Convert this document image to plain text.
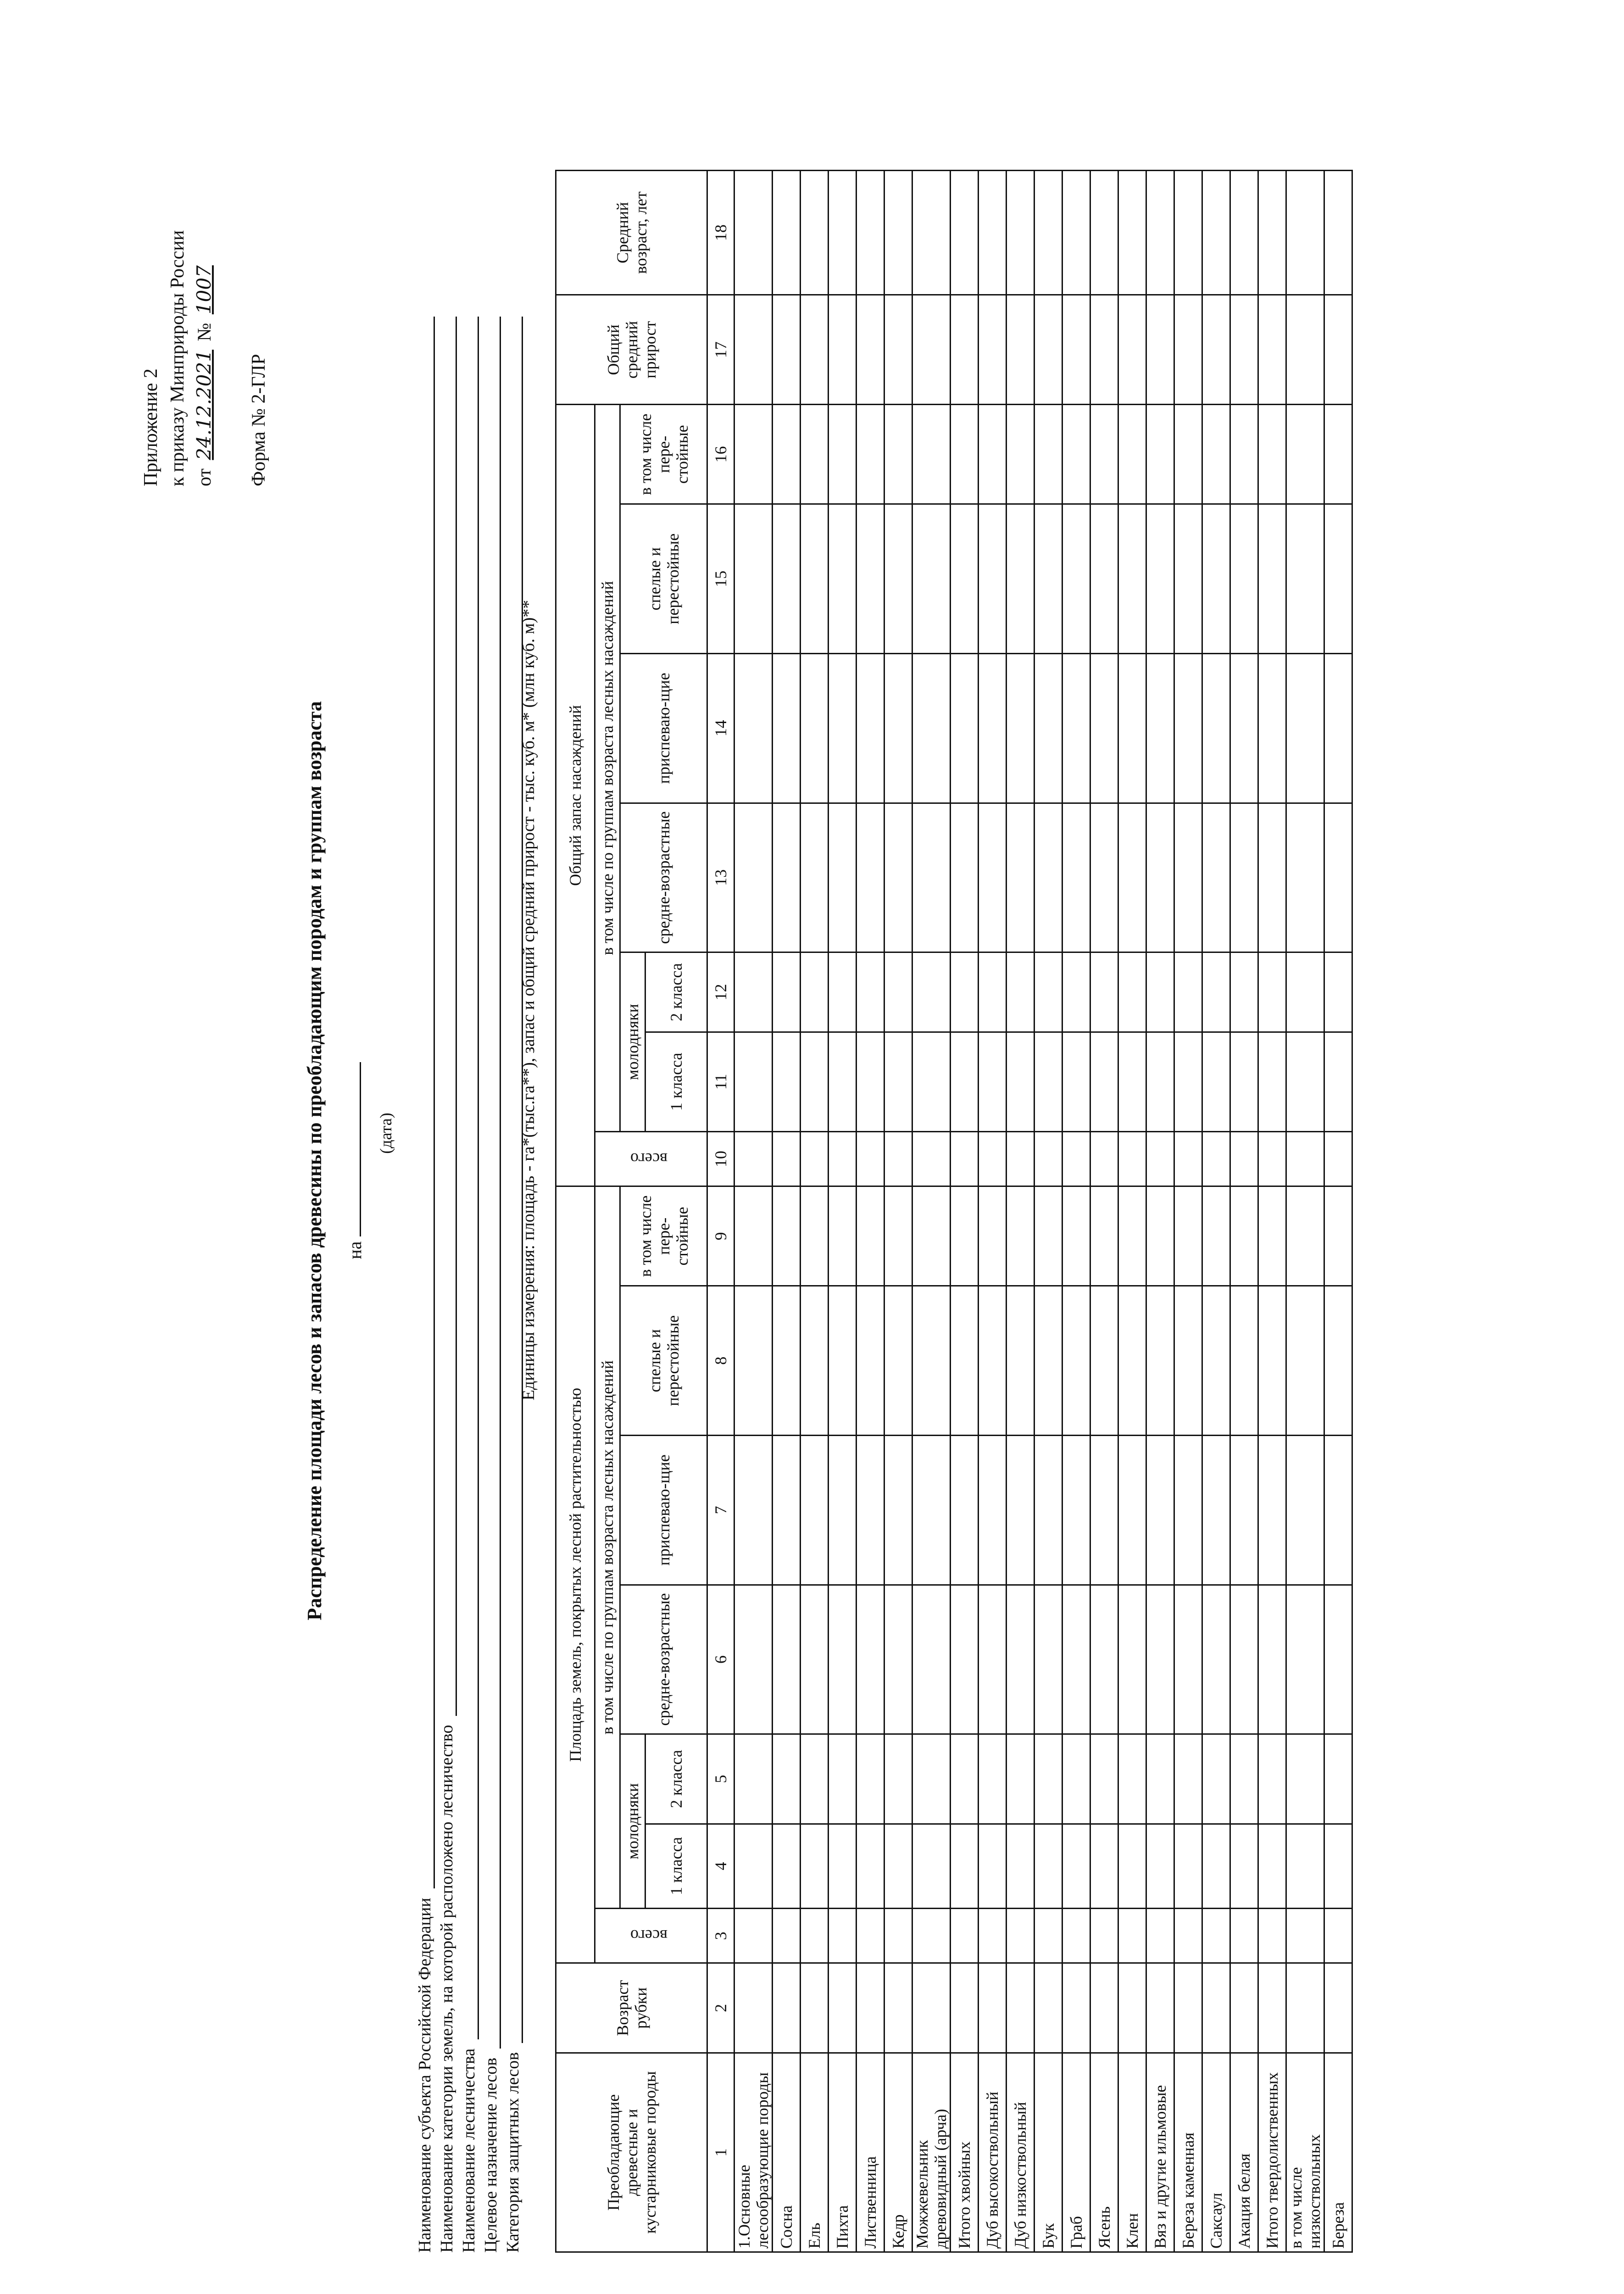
Приложение 2 к приказу Минприроды России от 24.12.2021 № 1007
Форма № 2-ГЛР
Распределение площади лесов и запасов древесины по преобладающим породам и группам возраста на
(дата)
Наименование субъекта Российской Федерации Наименование категории земель, на которой расположено лесничество Наименование лесничества Целевое назначение лесов Категория защитных лесов
Единицы измерения: площадь - га*(тыс.га**), запас и общий средний прирост - тыс. куб. м* (млн куб. м)**
Преобладающие древесные и кустарниковые породы	Возраст рубки	Площадь земель, покрытых лесной растительностью							Общий запас насаждений							Общий средний прирост	Средний возраст, лет
		всего	в том числе по группам возраста лесных насаждений						всего	в том числе по группам возраста лесных насаждений							
			молодняки		средне-возрастные	приспеваю-щие	спелые и перестойные	в том числе пере-стойные		молодняки		средне-возрастные	приспеваю-щие	спелые и перестойные	в том числе пере-стойные		
			1 класса	2 класса						1 класса	2 класса						
1	2	3	4	5	6	7	8	9	10	11	12	13	14	15	16	17	18
1.Основные лесообразующие породы																	
Сосна																	
Ель																	
Пихта																	
Лиственница																	
Кедр																	
Можжевельник древовидный (арча)																	
Итого хвойных																	
Дуб высокоствольный																	
Дуб низкоствольный																	
Бук																	
Граб																	
Ясень																	
Клен																	
Вяз и другие ильмовые																	
Береза каменная																	
Саксаул																	
Акация белая																	
Итого твердолиственных																	
в том числе низкоствольных																	
Береза																	
